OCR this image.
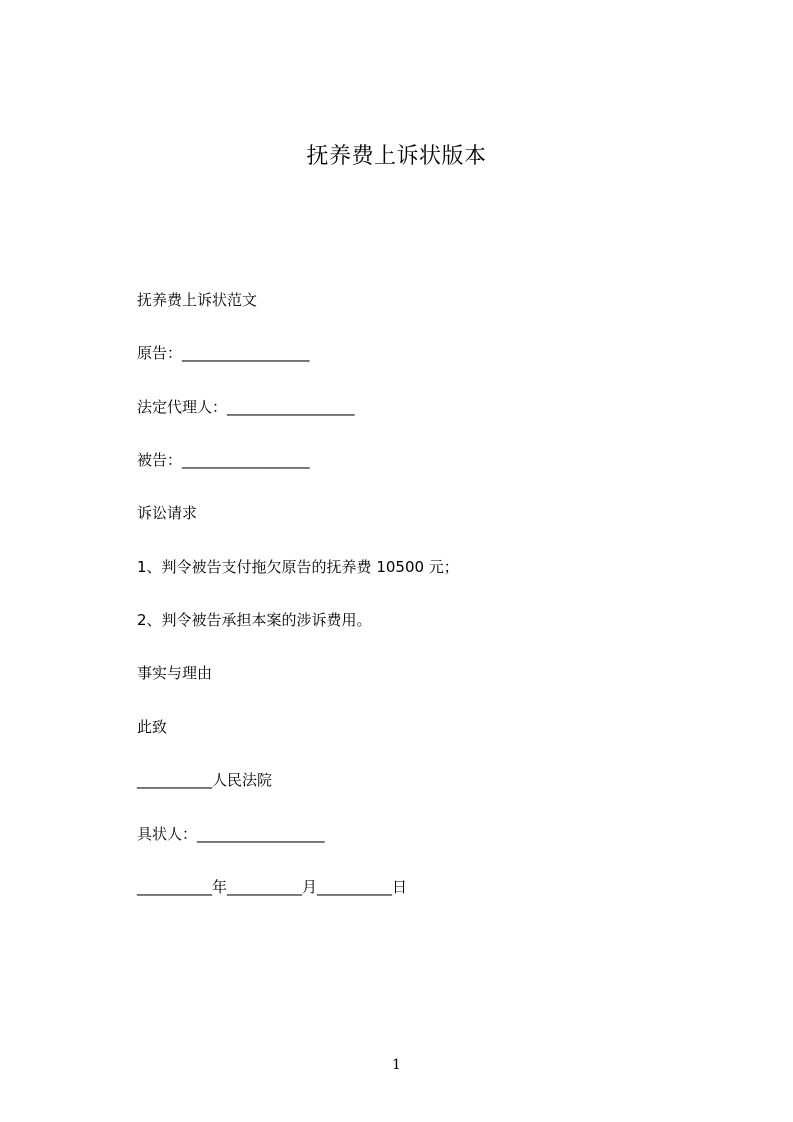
抚养费上诉状版本
抚养费上诉状范文
原告：_________________
法定代理人：_________________
被告：_________________
诉讼请求
1、判令被告支付拖欠原告的抚养费 10500 元；
2、判令被告承担本案的涉诉费用。
事实与理由
此致
__________人民法院
具状人：_________________
__________年__________月__________日
1
